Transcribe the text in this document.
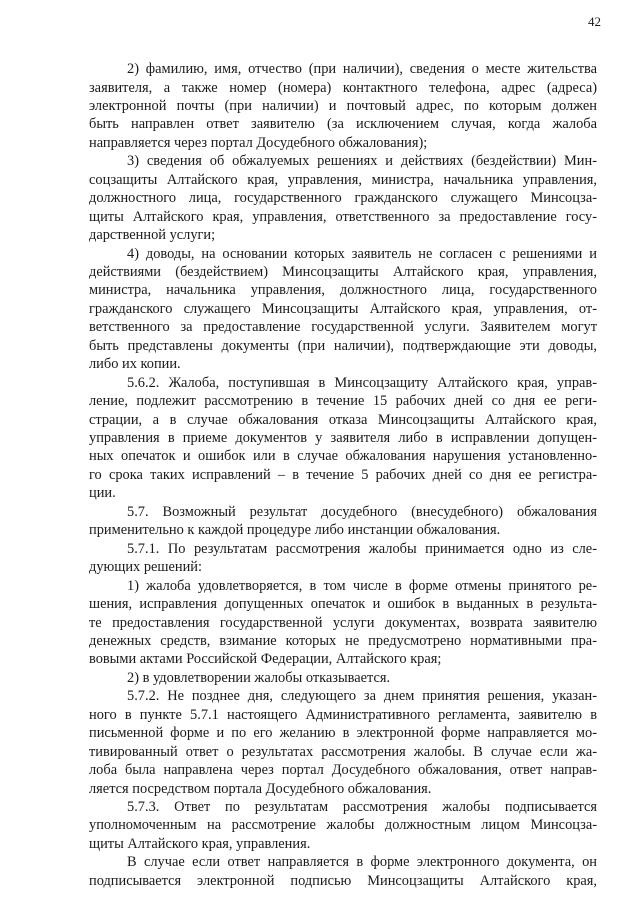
42
2) фамилию, имя, отчество (при наличии), сведения о месте жительства
заявителя, а также номер (номера) контактного телефона, адрес (адреса)
электронной почты (при наличии) и почтовый адрес, по которым должен
быть направлен ответ заявителю (за исключением случая, когда жалоба
направляется через портал Досудебного обжалования);
3) сведения об обжалуемых решениях и действиях (бездействии) Мин-
соцзащиты Алтайского края, управления, министра, начальника управления,
должностного лица, государственного гражданского служащего Минсоцза-
щиты Алтайского края, управления, ответственного за предоставление госу-
дарственной услуги;
4) доводы, на основании которых заявитель не согласен с решениями и
действиями (бездействием) Минсоцзащиты Алтайского края, управления,
министра, начальника управления, должностного лица, государственного
гражданского служащего Минсоцзащиты Алтайского края, управления, от-
ветственного за предоставление государственной услуги. Заявителем могут
быть представлены документы (при наличии), подтверждающие эти доводы,
либо их копии.
5.6.2. Жалоба, поступившая в Минсоцзащиту Алтайского края, управ-
ление, подлежит рассмотрению в течение 15 рабочих дней со дня ее реги-
страции, а в случае обжалования отказа Минсоцзащиты Алтайского края,
управления в приеме документов у заявителя либо в исправлении допущен-
ных опечаток и ошибок или в случае обжалования нарушения установленно-
го срока таких исправлений – в течение 5 рабочих дней со дня ее регистра-
ции.
5.7. Возможный результат досудебного (внесудебного) обжалования
применительно к каждой процедуре либо инстанции обжалования.
5.7.1. По результатам рассмотрения жалобы принимается одно из сле-
дующих решений:
1) жалоба удовлетворяется, в том числе в форме отмены принятого ре-
шения, исправления допущенных опечаток и ошибок в выданных в результа-
те предоставления государственной услуги документах, возврата заявителю
денежных средств, взимание которых не предусмотрено нормативными пра-
вовыми актами Российской Федерации, Алтайского края;
2) в удовлетворении жалобы отказывается.
5.7.2. Не позднее дня, следующего за днем принятия решения, указан-
ного в пункте 5.7.1 настоящего Административного регламента, заявителю в
письменной форме и по его желанию в электронной форме направляется мо-
тивированный ответ о результатах рассмотрения жалобы. В случае если жа-
лоба была направлена через портал Досудебного обжалования, ответ направ-
ляется посредством портала Досудебного обжалования.
5.7.3. Ответ по результатам рассмотрения жалобы подписывается
уполномоченным на рассмотрение жалобы должностным лицом Минсоцза-
щиты Алтайского края, управления.
В случае если ответ направляется в форме электронного документа, он
подписывается электронной подписью Минсоцзащиты Алтайского края,
